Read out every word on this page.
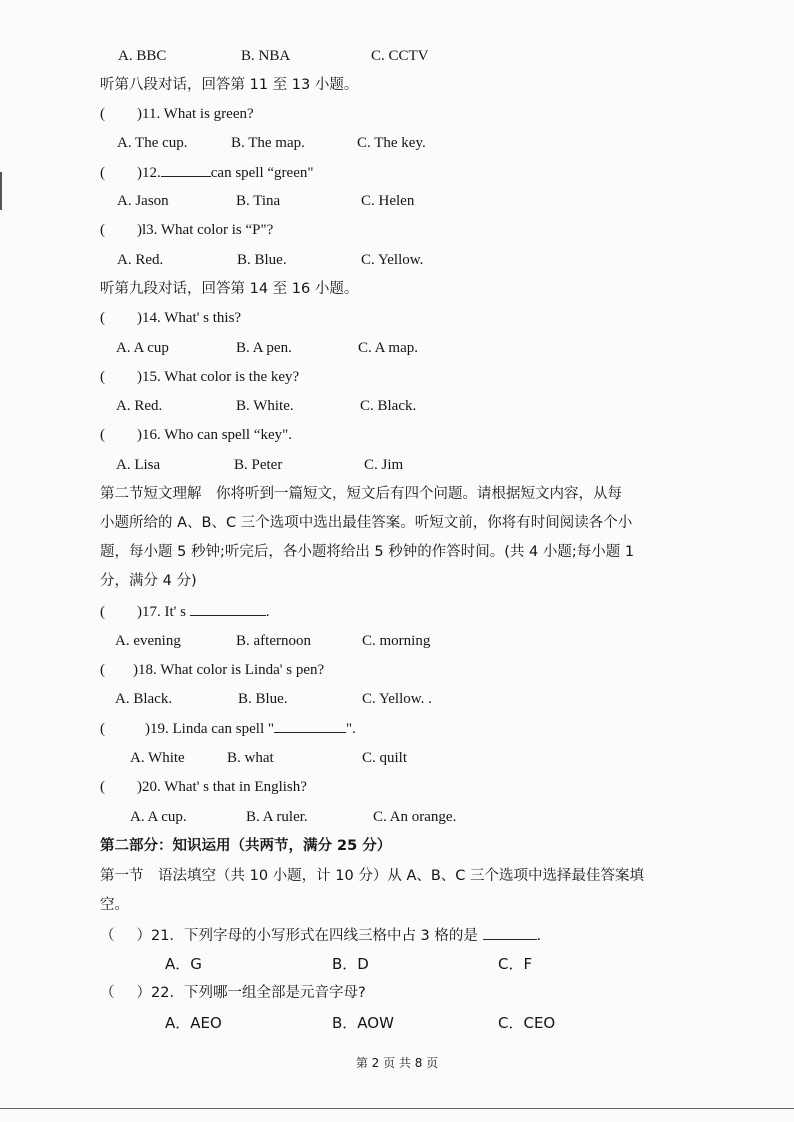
A. BBC	B. NBA	C. CCTV
听第八段对话，回答第 11 至 13 小题。
( )11. What is green?
A. The cup.	B. The map.	C. The key.
( )12.	can spell “green"
A. Jason	B. Tina	C. Helen
( )l3. What color is “P"?
A. Red.	B. Blue.	C. Yellow.
听第九段对话，回答第 14 至 16 小题。
( )14. What' s this?
A. A cup	B. A pen.	C. A map.
( )15. What color is the key?
A. Red.	B. White.	C. Black.
( )16. Who can spell “key".
A. Lisa	B. Peter	C. Jim
第二节短文理解　你将听到一篇短文，短文后有四个问题。请根据短文内容，从每
小题所给的 A、B、C 三个选项中选出最佳答案。听短文前，你将有时间阅读各个小
题，每小题 5 秒钟;听完后，各小题将给出 5 秒钟的作答时间。(共 4 小题;每小题 1
分，满分 4 分)
( )17. It' s	.
A. evening	B. afternoon	C. morning
( )18. What color is Linda' s pen?
A. Black.	B. Blue.	C. Yellow. .
(	)19. Linda can spell "	".
A. White	B. what	C. quilt
( )20. What' s that in English?
A. A cup.	B. A ruler.	C. An orange.
第二部分：知识运用（共两节，满分 25 分）
第一节　语法填空（共 10 小题，计 10 分）从 A、B、C 三个选项中选择最佳答案填
空。
（ ）21．下列字母的小写形式在四线三格中占 3 格的是	.
A．G	B．D	C．F
（ ）22．下列哪一组全部是元音字母?
A．AEO	B．AOW	C．CEO
第 2 页 共 8 页
